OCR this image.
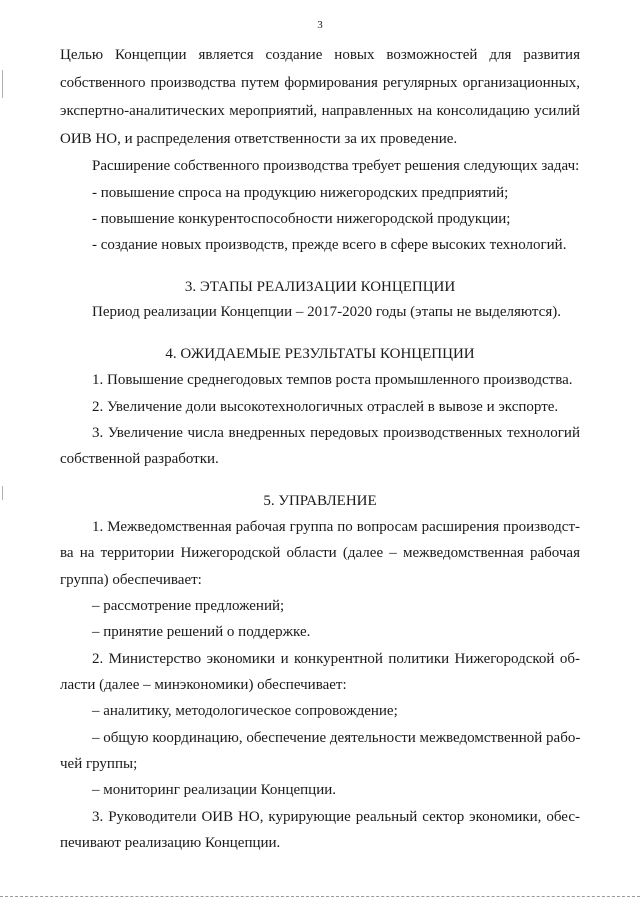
3
Целью Концепции является создание новых возможностей для развития
собственного производства путем формирования регулярных организационных,
экспертно-аналитических мероприятий, направленных на консолидацию усилий
ОИВ НО, и распределения ответственности за их проведение.
Расширение собственного производства требует решения следующих задач:
- повышение спроса на продукцию нижегородских предприятий;
- повышение конкурентоспособности нижегородской продукции;
- создание новых производств, прежде всего в сфере высоких технологий.
3. ЭТАПЫ РЕАЛИЗАЦИИ КОНЦЕПЦИИ
Период реализации Концепции – 2017-2020 годы (этапы не выделяются).
4. ОЖИДАЕМЫЕ РЕЗУЛЬТАТЫ КОНЦЕПЦИИ
1. Повышение среднегодовых темпов роста промышленного производства.
2. Увеличение доли высокотехнологичных отраслей в вывозе и экспорте.
3. Увеличение числа внедренных передовых производственных технологий
собственной разработки.
5. УПРАВЛЕНИЕ
1. Межведомственная рабочая группа по вопросам расширения производст-
ва на территории Нижегородской области (далее – межведомственная рабочая
группа) обеспечивает:
– рассмотрение предложений;
– принятие решений о поддержке.
2. Министерство экономики и конкурентной политики Нижегородской об-
ласти (далее – минэкономики) обеспечивает:
– аналитику, методологическое сопровождение;
– общую координацию, обеспечение деятельности межведомственной рабо-
чей группы;
– мониторинг реализации Концепции.
3. Руководители ОИВ НО, курирующие реальный сектор экономики, обес-
печивают реализацию Концепции.
